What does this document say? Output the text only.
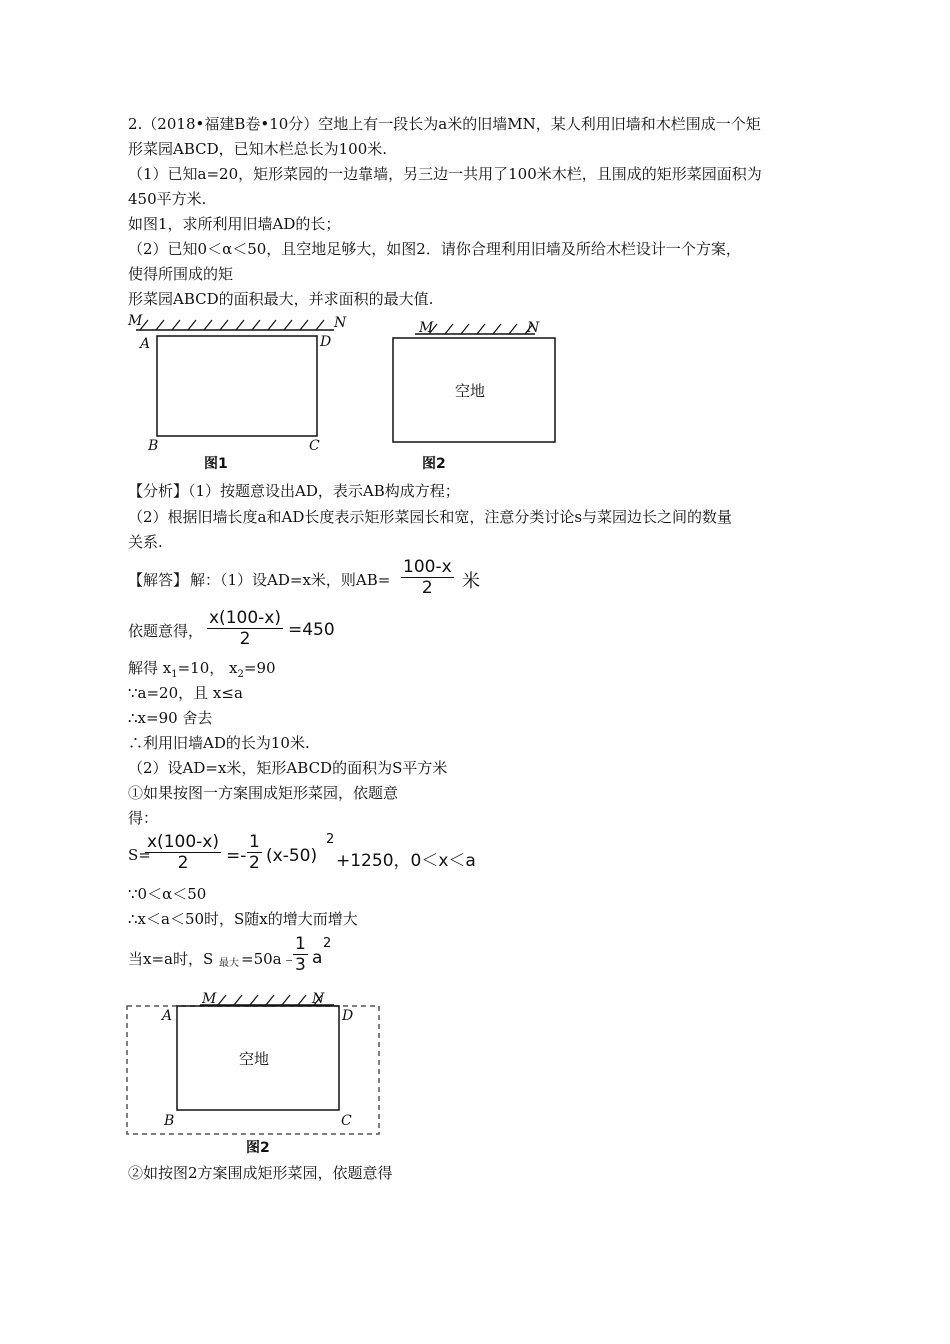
2.（2018•福建B卷•10分）空地上有一段长为a米的旧墙MN，某人利用旧墙和木栏围成一个矩
形菜园ABCD，已知木栏总长为100米.
（1）已知a=20，矩形菜园的一边靠墙，另三边一共用了100米木栏，且围成的矩形菜园面积为
450平方米.
如图1，求所利用旧墙AD的长；
（2）已知0＜α＜50，且空地足够大，如图2．请你合理利用旧墙及所给木栏设计一个方案，
使得所围成的矩
形菜园ABCD的面积最大，并求面积的最大值.
M	N
A	D
B	C
图1
M	N
空地
图2
【分析】（1）按题意设出AD，表示AB构成方程；
（2）根据旧墙长度a和AD长度表示矩形菜园长和宽，注意分类讨论s与菜园边长之间的数量
关系.
【解答】 解：（1）设AD=x米，则$AB= \frac{100-x}{2}$ 米
依题意得， $\frac{x(100-x)}{2} =450$
解得 $x_1=10$， $x_2=90$
∵a=20，且 x≤a
∴x=90 舍去
∴利用旧墙AD的长为10米.
（2）设AD=x米，矩形ABCD的面积为S平方米
①如果按图一方案围成矩形菜园，依题意
得：
S=
$\frac{x(100-x)}{2} =- \frac{1}{2} (x-50)$
2
+1250，0＜x＜a
∵0＜α＜50
∴x＜a＜50时，S随x的增大而增大
当x=a时，S 最大 =50a﹣
$\frac{1}{3}$ a
2
M	N
A	D
B	C
空地
图2
②如按图2方案围成矩形菜园，依题意得
